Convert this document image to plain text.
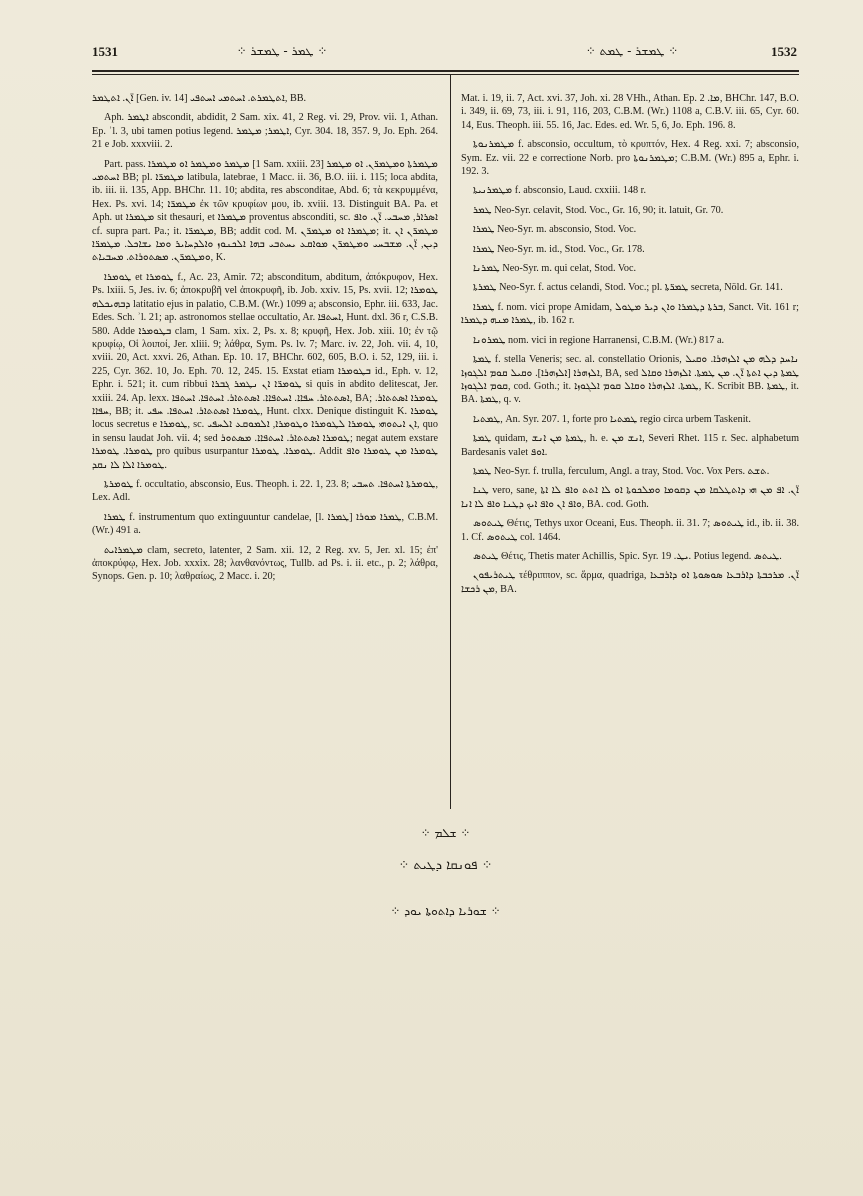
1531	⁘ ܛܡܪ - ܛܡܫܪ ⁘	⁘ ܛܡܫܪ - ܛܡܬ ⁘	1532

ܐ̈ܢ. ܐܬܛܡܪ [Gen. iv. 14] ܐܬܛܡܪܬ. ܐܚܬܡܝ ܐܚܬܦܝ, BB.

Aph. ܐܛܡܪ abscondit, abdidit, 2 Sam. xix. 41, 2 Reg. vi. 29, Prov. vii. 1, Athan. Ep. ʾl. 3, ubi tamen potius legend. ܐܛܡܪ; ܡܛܡܪ, Cyr. 304. 18, 357. 9, Jo. Eph. 264. 21 e Job. xxxviii. 2.

Part. pass. ܡܛܡܪ ܘܡܛܡܪ ܐܘ ܡܛܡܪܐ [1 Sam. xxiii. 23] ܡܛܡܪܬܐ ܘܡܛܡܪ̈ܢ. ܐܘ ܡܛܡܪ ܐܚܬܡܝ BB; pl. ܡܛܡܪ̈ܐ latibula, latebrae, 1 Macc. ii. 36, B.O. iii. i. 115; loca abdita, ib. iii. ii. 135, App. BHChr. 11. 10; abdita, res absconditae, Abd. 6; τὰ κεκρυμμένα, Hex. Ps. xvi. 14; ܡܛܡܪ̈ܐ ἐκ τῶν κρυφίων μου, ib. xviii. 13. Distinguit BA. Pa. et Aph. ut ܡܛܡܪܐ sit thesauri, et ܡܛܡܪܐ proventus absconditi, sc. ܐܣܪܐܪ, ܡܚܒܝ. ܐ̈ܢ. ܘܐܦ cf. supra part. Pa.; it. ܡܛܡܪ̈ܐ, BB; addit cod. M. ܡܛܡܪܐ ܐܘ ܡܛܡܪ̈ܢ; it. ܡܛܡܪ̈ܢ ܐܢ ܕܝܢ, ܐ̈ܢ. ܡܫܒܚܝ ܘܡܛܡܪ̈ܢ ܡܘܐܩܥ ܝܚܬܒܝ ܒܗܐ ܐܠܟܢܘܙ ܘܐܠܕܚܐܝܪ ܘܡܐ ܝܫܐܟܠ. ܡܛܡܪ̈ܐ ܘܡܛܡܪ̈ܢ. ܡܣܬܘܪܐܬ. ܡܚܒܝܐܬ, K.

ܛܘܡܪܐ et ܛܘܡܪܐ f., Ac. 23, Amir. 72; absconditum, abditum, ἀπόκρυφον, Hex. Ps. lxiii. 5, Jes. iv. 6; ἀποκρυβῆ vel ἀποκρυφῆ, ib. Job. xxiv. 15, Ps. xvii. 12; ܛܘܡܪܐ ܕܒܗܝܟܠܗ latitatio ejus in palatio, C.B.M. (Wr.) 1099 a; absconsio, Ephr. iii. 633, Jac. Edes. Sch. ʾl. 21; ap. astronomos stellae occultatio, Ar. ܐܚܬܦܐ, Hunt. dxl. 36 r, C.S.B. 580. Adde ܒܛܘܡܪܐ clam, 1 Sam. xix. 2, Ps. x. 8; κρυφῆ, Hex. Job. xiii. 10; ἐν τῷ κρυφίῳ, Οἱ λοιποί, Jer. xliii. 9; λάθρα, Sym. Ps. lv. 7; Marc. iv. 22, Joh. vii. 4, 10, xviii. 20, Act. xxvi. 26, Athan. Ep. 10. 17, BHChr. 602, 605, B.O. i. 52, 129, iii. i. 225, Cyr. 362. 10, Jo. Eph. 70. 12, 245. 15. Exstat etiam ܒܛܘܡܪܐ id., Eph. v. 12, Ephr. i. 521; it. cum ribbui ܛܘܡܪ̈ܐ ܐܢ ܢܛܡܪ ܓܒܪܐ si quis in abdito delitescat, Jer. xxiii. 24. Ap. lexx. ܐܣܬܬܐܪ. ܚܦܐܐ. ܐܚܬܦܐܐ. ܐܣܬܬܐܪ. ܐܚܬܦܐ. ܐܚܬܦܐ, BA; ܛܘܡܪܐ ܐܣܬܬܐܪ. ܚܦܐܐ, BB; it. ܛܘܡܪܐ ܐܣܬܬܐܪ. ܐܚܬܦܐ. ܚܦܝ, Hunt. clxx. Denique distinguit K. ܛܘܡܪܐ locus secretus e ܛܘܡܪܐ, sc. ܐܢ ܐܝܬܘܗܝ ܛܘܡܪܐ ܠܛܘܡܪܐ ܘܛܘܡܪܐ, ܐܠܡܘܩܥ ܐܠܚܦܝ, quo in sensu laudat Joh. vii. 4; sed ܛܘܡܪܐ ܐܣܬܬܐܪ. ܐܚܬܦܐܐ. ܡܣܬܘܪ; negat autem exstare ܛܘܡܪܐ. ܛܘܡܪܐ pro quibus usurpantur ܛܘܡܪܐ. ܛܘܡܪܐ. Addit ܛܘܡܪܐ ܡܢ ܛܘܡܪܐ ܘܐܦ ܛܘܡܪܐ ܐܠܐ ܠܐ ܢܩܕ.

ܛܘܡܪܬܐ f. occultatio, absconsio, Eus. Theoph. i. 22. 1, 23. 8; ܛܘܡܪܬܐ ܐܚܬܦܐ. ܬܚܒܝ, Lex. Adl.

ܛܡܪܐ f. instrumentum quo extinguuntur candelae, [l. ܛܡܪܐ] ܛܡܪܐ ܡܘܪܐ, C.B.M. (Wr.) 491 a.

ܡܛܡܪܐܝܬ clam, secreto, latenter, 2 Sam. xii. 12, 2 Reg. xv. 5, Jer. xl. 15; ἐπ' ἀποκρύφῳ, Hex. Job. xxxix. 28; λανθανόντως, Tullb. ad Ps. i. ii. etc., p. 2; λάθρα, Synops. Gen. p. 10; λαθραίως, 2 Macc. i. 20;

Mat. i. 19, ii. 7, Act. xvi. 37, Joh. xi. 28 VHh., Athan. Ep. ܡܐ. 2, BHChr. 147, B.O. i. 349, ii. 69, 73, iii. i. 91, 116, 203, C.B.M. (Wr.) 1108 a, C.B.V. iii. 65, Cyr. 60. 14, Eus. Theoph. iii. 55. 16, Jac. Edes. ed. Wr. 5, 6, Jo. Eph. 196. 8.

ܡܛܡܪܢܘܬܐ f. absconsio, occultum, τὸ κρυπτόν, Hex. 4 Reg. xxi. 7; absconsio, Sym. Ez. vii. 22 e correctione Norb. pro ܡܛܡܪܢܘܬܐ; C.B.M. (Wr.) 895 a, Ephr. i. 192. 3.

ܡܛܡܪܢܝܬܐ f. absconsio, Laud. cxxiii. 148 r.

ܛܡܪ Neo-Syr. celavit, Stod. Voc., Gr. 16, 90; it. latuit, Gr. 70.

ܛܡܪܐ Neo-Syr. m. absconsio, Stod. Voc.

ܛܡܪܐ Neo-Syr. m. id., Stod. Voc., Gr. 178.

ܛܡܪܢܐ Neo-Syr. m. qui celat, Stod. Voc.

ܛܡܪܬܐ Neo-Syr. f. actus celandi, Stod. Voc.; pl. ܛܡܪ̈ܬܐ secreta, Nöld. Gr. 141.

ܛܡܪܐ f. nom. vici prope Amidam, ܒܪܬܐ ܕܛܡܪܐ ܘܐܢ ܕܝܪ ܡܛܘܠ, Sanct. Vit. 161 r; ܛܡܪܐ ܡܢܗ ܕܛܡܪܐ, ib. 162 r.

ܛܡܪܘܢܐ nom. vici in regione Harranensi, C.B.M. (Wr.) 817 a.

ܛܡܬܐ f. stella Veneris; sec. al. constellatio Orionis, ܢܐܚܕ ܕܠܗ ܡܢ ܐܠܙܗܪܐ. ܘܩܝܠ ܐܠܙܗܪܐ [ܐܠܙܗܪܐ]. ܘܩܝܠ ܩܘܡ ܐܠܓܘܙܐ, BA, sed ܛܡܬܐ ܕܝܢ ܐܬܬܐ ܐ̈ܢ. ܡܢ ܛܡܬܐ. ܐܠܙܗܪܐ ܘܩܐܠ ܩܘܡ ܐܠܓܘܙܐ, cod. Goth.; it. ܛܡܬܐ. ܐܠܙܗܪܐ ܘܩܐܠ ܩܘܡ ܐܠܓܘܙܐ, K. Scribit BB. ܛܡܬܐ, it. BA. ܛܡܬܐ, q. v.

ܛܡܬܝܐ, An. Syr. 207. 1, forte pro ܛܡܬܝܐ regio circa urbem Taskenit.

ܛܡܬܐ quidam, ܛܡܬܐ ܡܢ ܐܢܫ, h. e. ܐܢܫ ܡܢ, Severi Rhet. 115 r. Sec. alphabetum Bardesanis valet ܐܘܦ.

ܛܡܬܐ Neo-Syr. f. trulla, ferculum, Angl. a tray, Stod. Voc. Vox Pers. ܬܫܬ.

ܛܢܐ vero, sane, ܐ̈ܢ. ܐܦ ܡܢ ܗܝ ܕܐܬܛܠܩܐ ܡܢ ܕܩܘܡܐ ܘܡܠܟܘܬܐ ܐܘ ܠܐ ܐܬܬ ܘܐܦ ܠܐ ܐܬܐ ܘܐܦ ܐܢ ܘܐܦ ܐܝܟ ܕܛܢܐ ܘܐܦ ܠܐ ܐܢܐ, BA. cod. Goth.

ܛܝܬܘܣ Θέτις, Tethys uxor Oceani, Eus. Theoph. ii. 31. 7; ܛܝܬܘܣ id., ib. ii. 38. 1. Cf. ܛܝܬܘܣ col. 1464.

ܛܝܬܣ Θέτις, Thetis mater Achillis, Spic. Syr. ܝܛ. 19. Potius legend. ܛܝܬܣ.

ܛܝܬܪܝܦܘܢ τέθριππον, sc. ἅρμα, quadriga, ܐ̈ܢ. ܡܪܟܒܬܐ ܕܐܪܒܥܐ ܣܘܣܘܬܐ ܐܘ ܕܐܪܒܥܐ ܡܢ ܪܟܫܐ, BA.

⁘ ܫܠܡ ⁘
⁘ ܦܘܢܩܐ ܕܛܝܬ ⁘
⁘ ܫܘܪܝܐ ܕܐܬܘܬܐ ܝܘܕ ⁘
